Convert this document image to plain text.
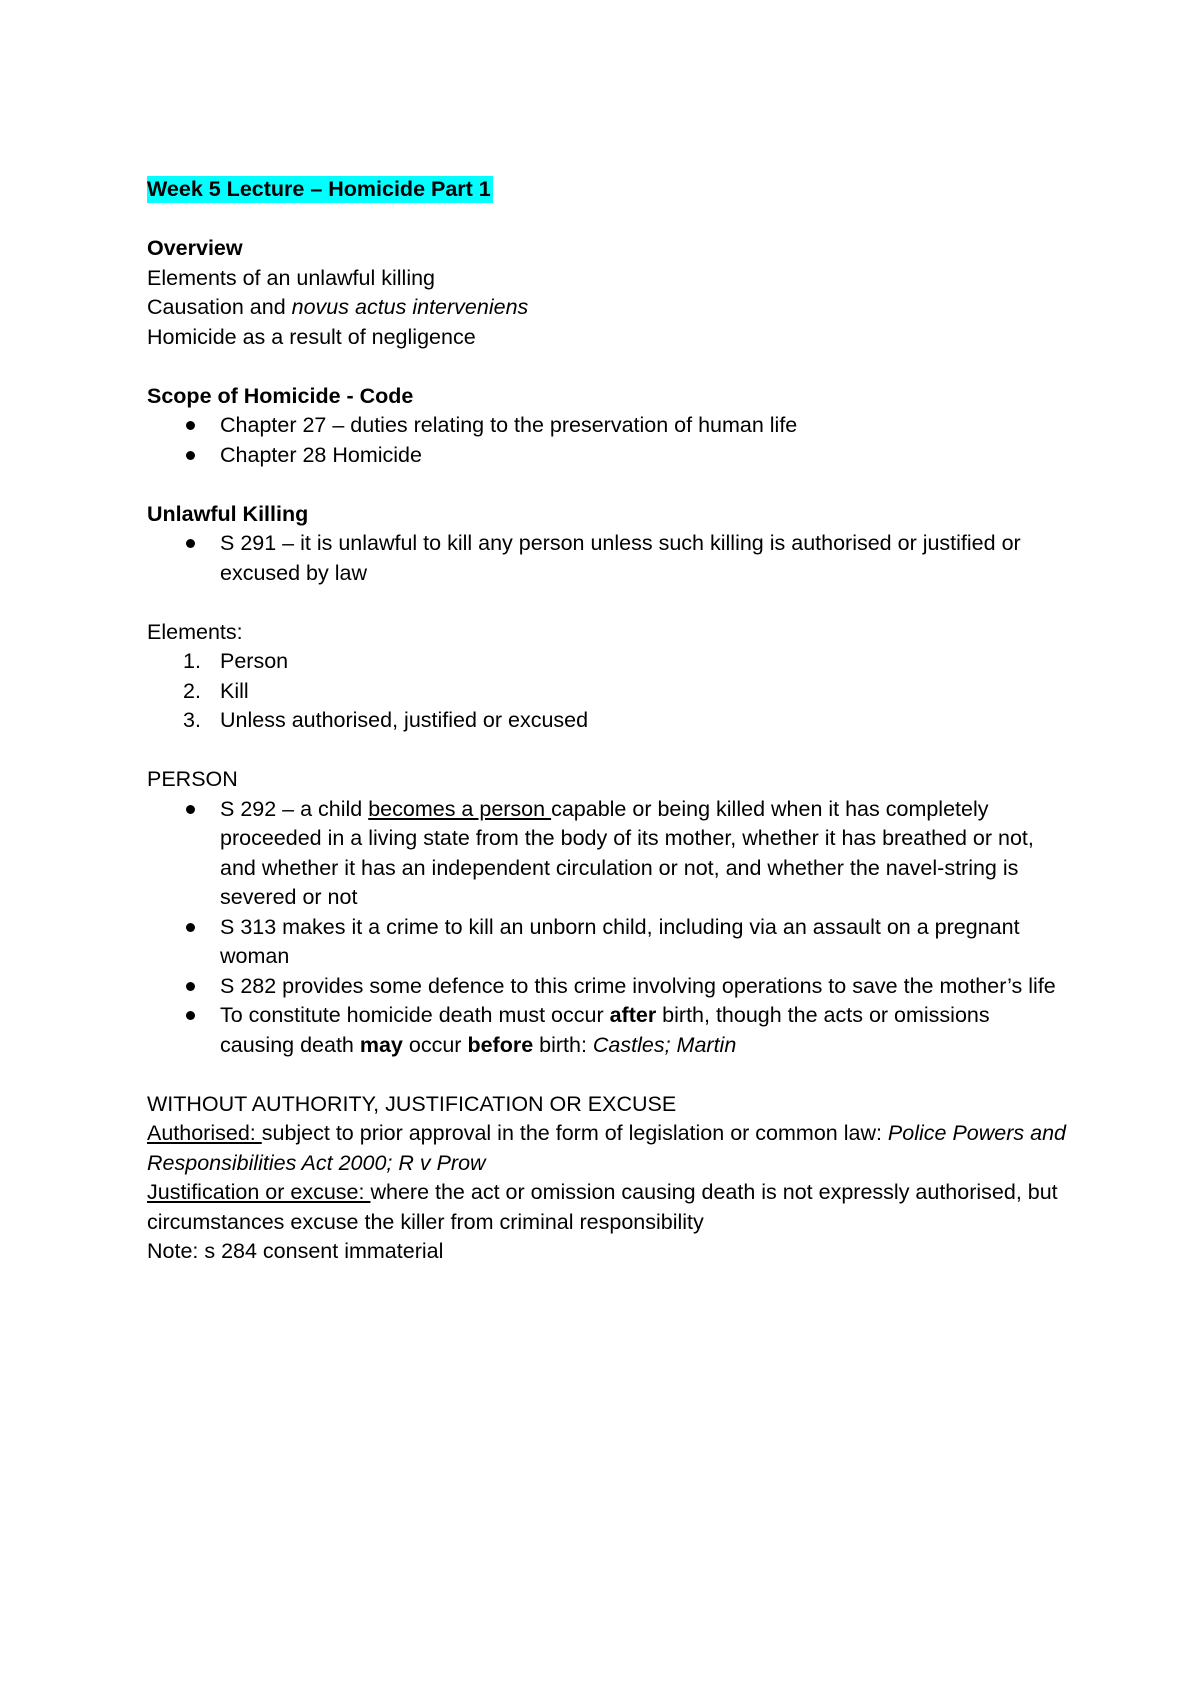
Week 5 Lecture – Homicide Part 1

Overview

Elements of an unlawful killing

Causation and novus actus interveniens

Homicide as a result of negligence

Scope of Homicide - Code

Chapter 27 – duties relating to the preservation of human life
Chapter 28 Homicide

Unlawful Killing

S 291 – it is unlawful to kill any person unless such killing is authorised or justified or excused by law

Elements:

1. Person
2. Kill
3. Unless authorised, justified or excused

PERSON

S 292 – a child becomes a person capable or being killed when it has completely proceeded in a living state from the body of its mother, whether it has breathed or not, and whether it has an independent circulation or not, and whether the navel-string is severed or not
S 313 makes it a crime to kill an unborn child, including via an assault on a pregnant woman
S 282 provides some defence to this crime involving operations to save the mother’s life
To constitute homicide death must occur after birth, though the acts or omissions causing death may occur before birth: Castles; Martin

WITHOUT AUTHORITY, JUSTIFICATION OR EXCUSE

Authorised: subject to prior approval in the form of legislation or common law: Police Powers and Responsibilities Act 2000; R v Prow

Justification or excuse: where the act or omission causing death is not expressly authorised, but circumstances excuse the killer from criminal responsibility

Note: s 284 consent immaterial
